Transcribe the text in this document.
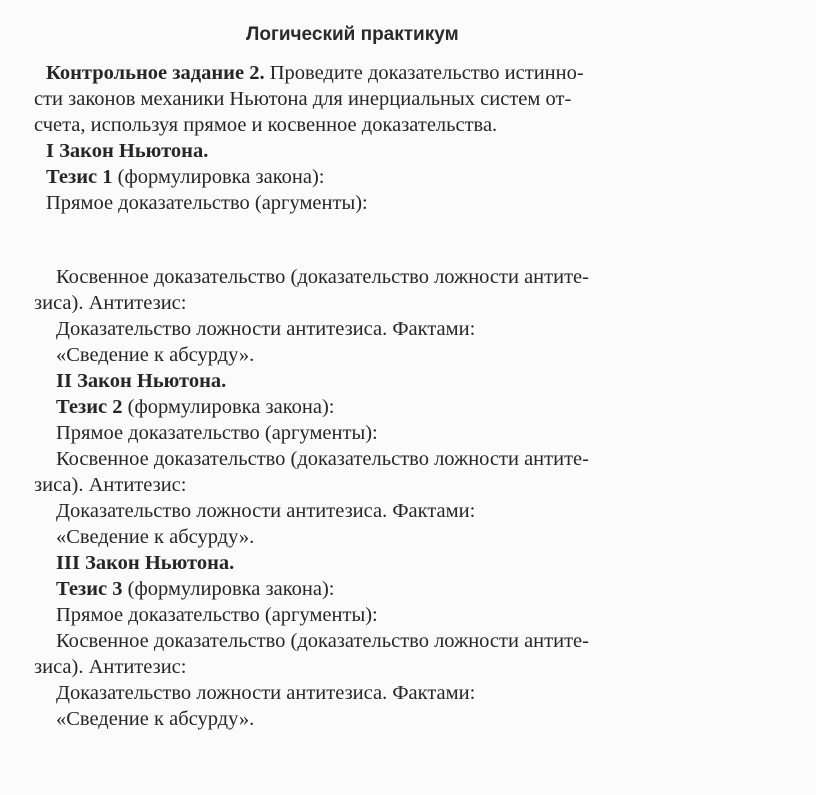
Логический практикум
Контрольное задание 2. Проведите доказательство истинно-
сти законов механики Ньютона для инерциальных систем от-
счета, используя прямое и косвенное доказательства.
I Закон Ньютона.
Тезис 1 (формулировка закона):
Прямое доказательство (аргументы):
Косвенное доказательство (доказательство ложности антите-
зиса). Антитезис:
Доказательство ложности антитезиса. Фактами:
«Сведение к абсурду».
II Закон Ньютона.
Тезис 2 (формулировка закона):
Прямое доказательство (аргументы):
Косвенное доказательство (доказательство ложности антите-
зиса). Антитезис:
Доказательство ложности антитезиса. Фактами:
«Сведение к абсурду».
III Закон Ньютона.
Тезис 3 (формулировка закона):
Прямое доказательство (аргументы):
Косвенное доказательство (доказательство ложности антите-
зиса). Антитезис:
Доказательство ложности антитезиса. Фактами:
«Сведение к абсурду».
